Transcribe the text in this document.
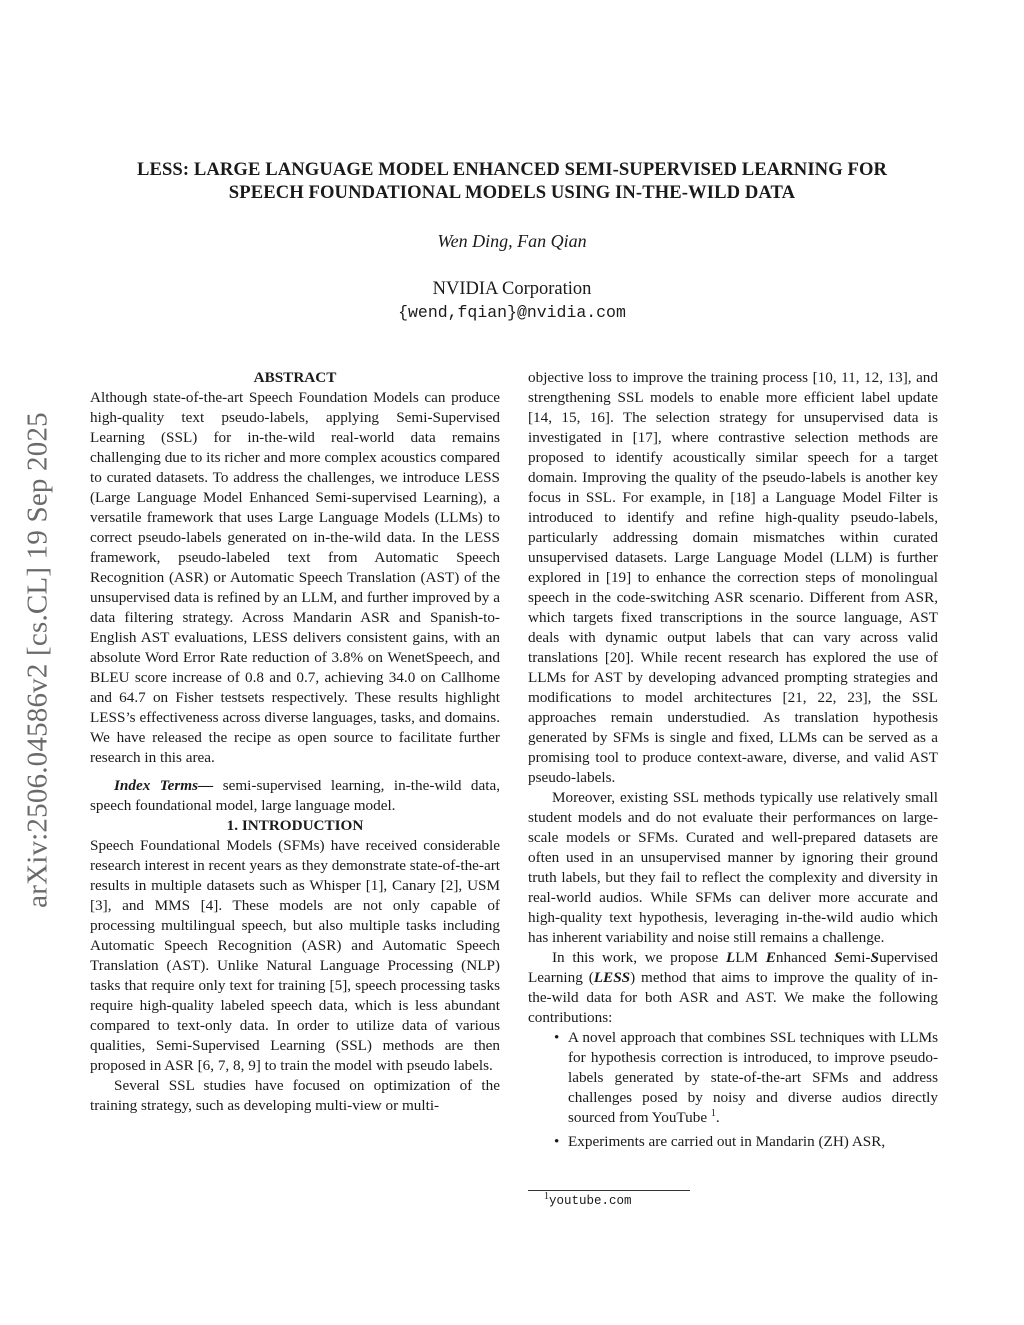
arXiv:2506.04586v2 [cs.CL] 19 Sep 2025
LESS: LARGE LANGUAGE MODEL ENHANCED SEMI-SUPERVISED LEARNING FOR
SPEECH FOUNDATIONAL MODELS USING IN-THE-WILD DATA
Wen Ding, Fan Qian
NVIDIA Corporation
{wend,fqian}@nvidia.com

ABSTRACT

Although state-of-the-art Speech Foundation Models can produce high-quality text pseudo-labels, applying Semi-Supervised Learning (SSL) for in-the-wild real-world data remains challenging due to its richer and more complex acoustics compared to curated datasets. To address the challenges, we introduce LESS (Large Language Model Enhanced Semi-supervised Learning), a versatile framework that uses Large Language Models (LLMs) to correct pseudo-labels generated on in-the-wild data. In the LESS framework, pseudo-labeled text from Automatic Speech Recognition (ASR) or Automatic Speech Translation (AST) of the unsupervised data is refined by an LLM, and further improved by a data filtering strategy. Across Mandarin ASR and Spanish-to-English AST evaluations, LESS delivers consistent gains, with an absolute Word Error Rate reduction of 3.8% on WenetSpeech, and BLEU score increase of 0.8 and 0.7, achieving 34.0 on Callhome and 64.7 on Fisher testsets respectively. These results highlight LESS’s effectiveness across diverse languages, tasks, and domains. We have released the recipe as open source to facilitate further research in this area.

Index Terms— semi-supervised learning, in-the-wild data, speech foundational model, large language model.

1. INTRODUCTION

Speech Foundational Models (SFMs) have received considerable research interest in recent years as they demonstrate state-of-the-art results in multiple datasets such as Whisper [1], Canary [2], USM [3], and MMS [4]. These models are not only capable of processing multilingual speech, but also multiple tasks including Automatic Speech Recognition (ASR) and Automatic Speech Translation (AST). Unlike Natural Language Processing (NLP) tasks that require only text for training [5], speech processing tasks require high-quality labeled speech data, which is less abundant compared to text-only data. In order to utilize data of various qualities, Semi-Supervised Learning (SSL) methods are then proposed in ASR [6, 7, 8, 9] to train the model with pseudo labels.

Several SSL studies have focused on optimization of the training strategy, such as developing multi-view or multi-

objective loss to improve the training process [10, 11, 12, 13], and strengthening SSL models to enable more efficient label update [14, 15, 16]. The selection strategy for unsupervised data is investigated in [17], where contrastive selection methods are proposed to identify acoustically similar speech for a target domain. Improving the quality of the pseudo-labels is another key focus in SSL. For example, in [18] a Language Model Filter is introduced to identify and refine high-quality pseudo-labels, particularly addressing domain mismatches within curated unsupervised datasets. Large Language Model (LLM) is further explored in [19] to enhance the correction steps of monolingual speech in the code-switching ASR scenario. Different from ASR, which targets fixed transcriptions in the source language, AST deals with dynamic output labels that can vary across valid translations [20]. While recent research has explored the use of LLMs for AST by developing advanced prompting strategies and modifications to model architectures [21, 22, 23], the SSL approaches remain understudied. As translation hypothesis generated by SFMs is single and fixed, LLMs can be served as a promising tool to produce context-aware, diverse, and valid AST pseudo-labels.

Moreover, existing SSL methods typically use relatively small student models and do not evaluate their performances on large-scale models or SFMs. Curated and well-prepared datasets are often used in an unsupervised manner by ignoring their ground truth labels, but they fail to reflect the complexity and diversity in real-world audios. While SFMs can deliver more accurate and high-quality text hypothesis, leveraging in-the-wild audio which has inherent variability and noise still remains a challenge.

In this work, we propose LLM Enhanced Semi-Supervised Learning (LESS) method that aims to improve the quality of in-the-wild data for both ASR and AST. We make the following contributions:

• A novel approach that combines SSL techniques with LLMs for hypothesis correction is introduced, to improve pseudo-labels generated by state-of-the-art SFMs and address challenges posed by noisy and diverse audios directly sourced from YouTube $^1$.
• Experiments are carried out in Mandarin (ZH) ASR,
$^1$youtube.com
